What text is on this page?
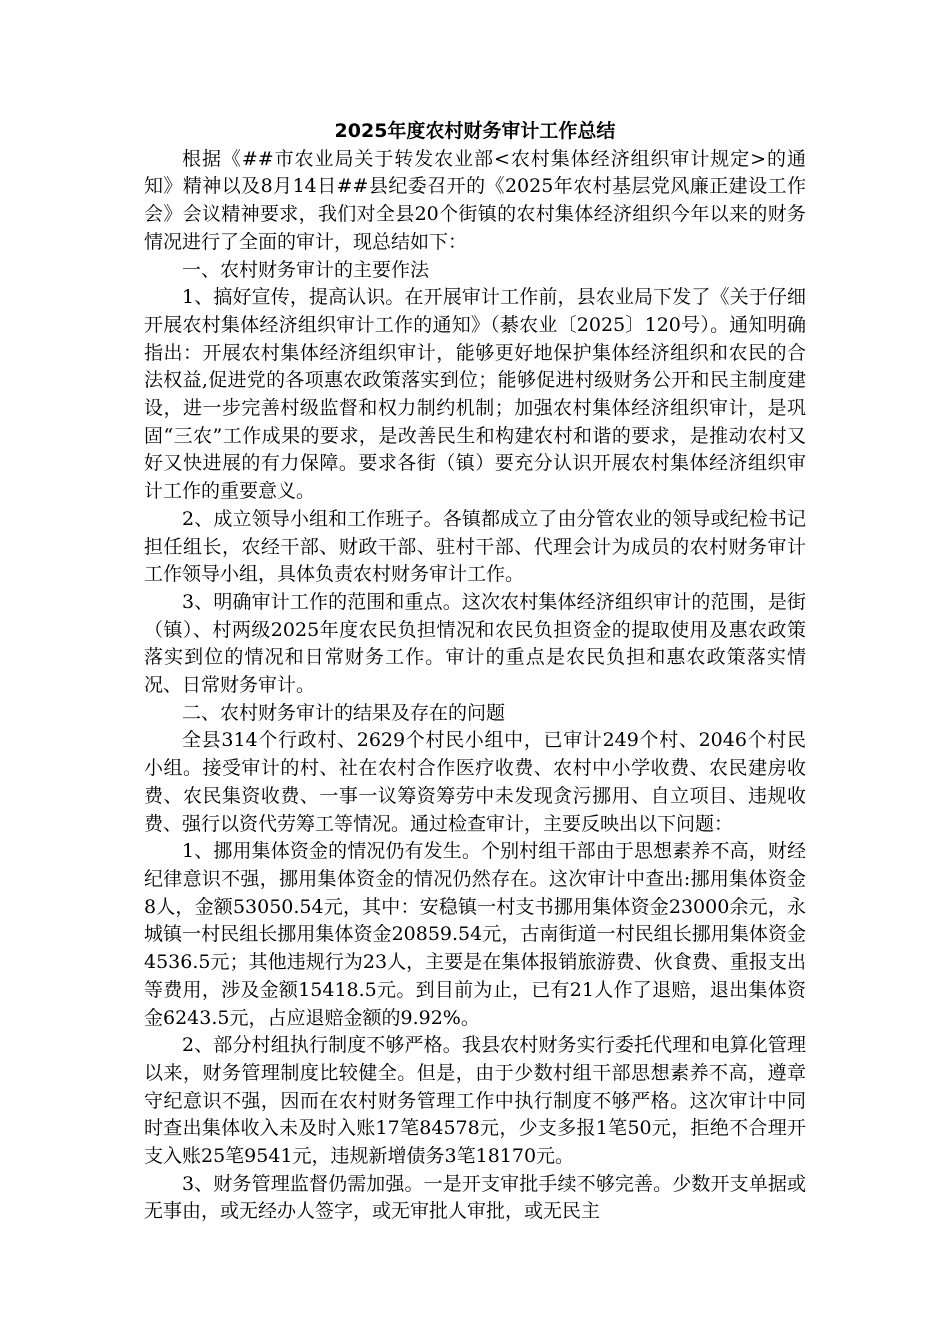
2025年度农村财务审计工作总结

根据《##市农业局关于转发农业部<农村集体经济组织审计规定>的通知》精神以及8月14日##县纪委召开的《2025年农村基层党风廉正建设工作会》会议精神要求，我们对全县20个街镇的农村集体经济组织今年以来的财务情况进行了全面的审计，现总结如下：

一、农村财务审计的主要作法

1、搞好宣传，提高认识。在开展审计工作前，县农业局下发了《关于仔细开展农村集体经济组织审计工作的通知》（綦农业〔2025〕120号）。通知明确指出：开展农村集体经济组织审计，能够更好地保护集体经济组织和农民的合法权益,促进党的各项惠农政策落实到位；能够促进村级财务公开和民主制度建设，进一步完善村级监督和权力制约机制；加强农村集体经济组织审计，是巩固“三农”工作成果的要求，是改善民生和构建农村和谐的要求，是推动农村又好又快进展的有力保障。要求各街（镇）要充分认识开展农村集体经济组织审计工作的重要意义。

2、成立领导小组和工作班子。各镇都成立了由分管农业的领导或纪检书记担任组长，农经干部、财政干部、驻村干部、代理会计为成员的农村财务审计工作领导小组，具体负责农村财务审计工作。

3、明确审计工作的范围和重点。这次农村集体经济组织审计的范围，是街（镇）、村两级2025年度农民负担情况和农民负担资金的提取使用及惠农政策落实到位的情况和日常财务工作。审计的重点是农民负担和惠农政策落实情况、日常财务审计。

二、农村财务审计的结果及存在的问题

全县314个行政村、2629个村民小组中，已审计249个村、2046个村民小组。接受审计的村、社在农村合作医疗收费、农村中小学收费、农民建房收费、农民集资收费、一事一议筹资筹劳中未发现贪污挪用、自立项目、违规收费、强行以资代劳筹工等情况。通过检查审计，主要反映出以下问题：

1、挪用集体资金的情况仍有发生。个别村组干部由于思想素养不高，财经纪律意识不强，挪用集体资金的情况仍然存在。这次审计中查出:挪用集体资金8人，金额53050.54元，其中：安稳镇一村支书挪用集体资金23000余元，永城镇一村民组长挪用集体资金20859.54元，古南街道一村民组长挪用集体资金4536.5元；其他违规行为23人，主要是在集体报销旅游费、伙食费、重报支出等费用，涉及金额15418.5元。到目前为止，已有21人作了退赔，退出集体资金6243.5元，占应退赔金额的9.92%。

2、部分村组执行制度不够严格。我县农村财务实行委托代理和电算化管理以来，财务管理制度比较健全。但是，由于少数村组干部思想素养不高，遵章守纪意识不强，因而在农村财务管理工作中执行制度不够严格。这次审计中同时查出集体收入未及时入账17笔84578元，少支多报1笔50元，拒绝不合理开支入账25笔9541元，违规新增债务3笔18170元。

3、财务管理监督仍需加强。一是开支审批手续不够完善。少数开支单据或无事由，或无经办人签字，或无审批人审批，或无民主
